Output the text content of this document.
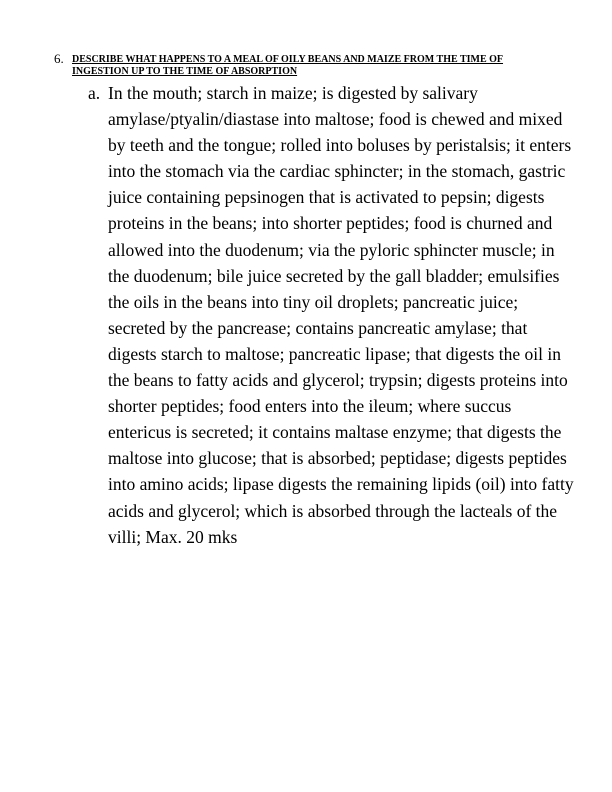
6. DESCRIBE WHAT HAPPENS TO A MEAL OF OILY BEANS AND MAIZE FROM THE TIME OF INGESTION UP TO THE TIME OF ABSORPTION
a. In the mouth; starch in maize; is digested by salivary amylase/ptyalin/diastase into maltose; food is chewed and mixed by teeth and the tongue; rolled into boluses by peristalsis; it enters into the stomach via the cardiac sphincter; in the stomach, gastric juice containing pepsinogen that is activated to pepsin; digests proteins in the beans; into shorter peptides; food is churned and allowed into the duodenum; via the pyloric sphincter muscle; in the duodenum; bile juice secreted by the gall bladder; emulsifies the oils in the beans into tiny oil droplets; pancreatic juice; secreted by the pancrease; contains pancreatic amylase; that digests starch to maltose; pancreatic lipase; that digests the oil in the beans to fatty acids and glycerol; trypsin; digests proteins into shorter peptides; food enters into the ileum; where succus entericus is secreted; it contains maltase enzyme; that digests the maltose into glucose; that is absorbed; peptidase; digests peptides into amino acids; lipase digests the remaining lipids (oil) into fatty acids and glycerol; which is absorbed through the lacteals of the villi; Max. 20 mks
